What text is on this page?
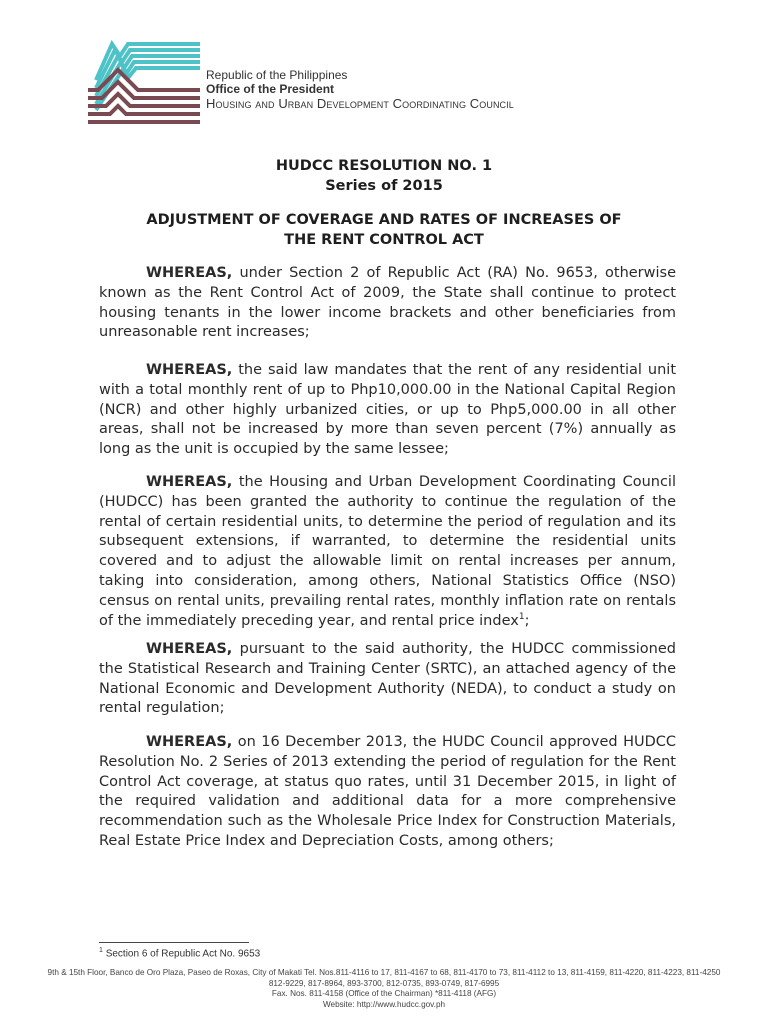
Republic of the Philippines
Office of the President
Housing and Urban Development Coordinating Council
HUDCC RESOLUTION NO. 1
Series of 2015
ADJUSTMENT OF COVERAGE AND RATES OF INCREASES OF
THE RENT CONTROL ACT
WHEREAS, under Section 2 of Republic Act (RA) No. 9653, otherwise known as the Rent Control Act of 2009, the State shall continue to protect housing tenants in the lower income brackets and other beneficiaries from unreasonable rent increases;
WHEREAS, the said law mandates that the rent of any residential unit with a total monthly rent of up to Php10,000.00 in the National Capital Region (NCR) and other highly urbanized cities, or up to Php5,000.00 in all other areas, shall not be increased by more than seven percent (7%) annually as long as the unit is occupied by the same lessee;
WHEREAS, the Housing and Urban Development Coordinating Council (HUDCC) has been granted the authority to continue the regulation of the rental of certain residential units, to determine the period of regulation and its subsequent extensions, if warranted, to determine the residential units covered and to adjust the allowable limit on rental increases per annum, taking into consideration, among others, National Statistics Office (NSO) census on rental units, prevailing rental rates, monthly inflation rate on rentals of the immediately preceding year, and rental price index$^1$;
WHEREAS, pursuant to the said authority, the HUDCC commissioned the Statistical Research and Training Center (SRTC), an attached agency of the National Economic and Development Authority (NEDA), to conduct a study on rental regulation;
WHEREAS, on 16 December 2013, the HUDC Council approved HUDCC Resolution No. 2 Series of 2013 extending the period of regulation for the Rent Control Act coverage, at status quo rates, until 31 December 2015, in light of the required validation and additional data for a more comprehensive recommendation such as the Wholesale Price Index for Construction Materials, Real Estate Price Index and Depreciation Costs, among others;
$^1$ Section 6 of Republic Act No. 9653
9th & 15th Floor, Banco de Oro Plaza, Paseo de Roxas, City of Makati Tel. Nos.811-4116 to 17, 811-4167 to 68, 811-4170 to 73, 811-4112 to 13, 811-4159, 811-4220, 811-4223, 811-4250
812-9229, 817-8964, 893-3700, 812-0735, 893-0749, 817-6995
Fax. Nos. 811-4158 (Office of the Chairman) *811-4118 (AFG)
Website: http://www.hudcc.gov.ph
